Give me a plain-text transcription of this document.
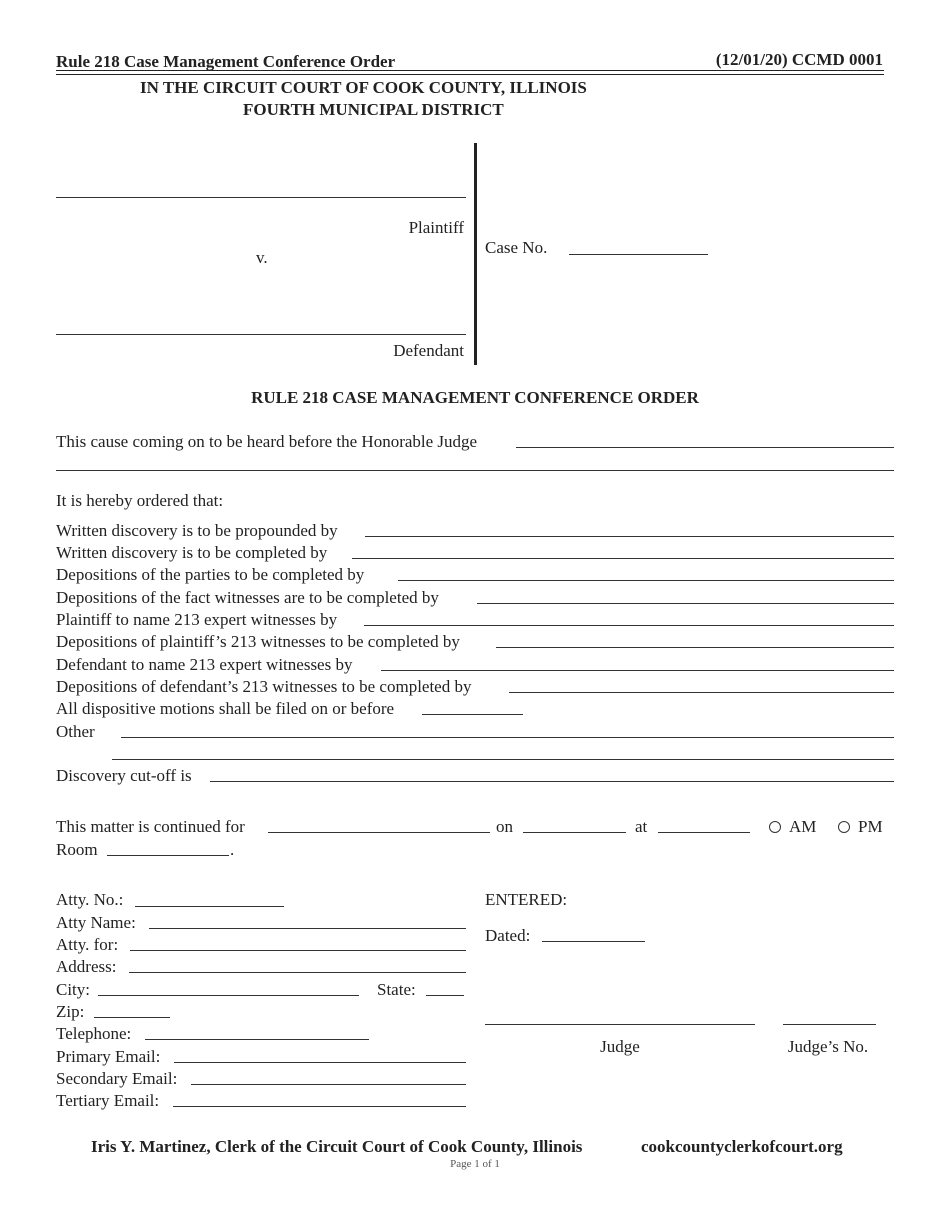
Rule 218 Case Management Conference Order	(12/01/20) CCMD 0001
IN THE CIRCUIT COURT OF COOK COUNTY, ILLINOIS
FOURTH MUNICIPAL DISTRICT
Plaintiff
v.
Defendant
Case No.
RULE 218 CASE MANAGEMENT CONFERENCE ORDER
This cause coming on to be heard before the Honorable Judge
It is hereby ordered that:
Written discovery is to be propounded by
Written discovery is to be completed by
Depositions of the parties to be completed by
Depositions of the fact witnesses are to be completed by
Plaintiff to name 213 expert witnesses by
Depositions of plaintiff’s 213 witnesses to be completed by
Defendant to name 213 expert witnesses by
Depositions of defendant’s 213 witnesses to be completed by
All dispositive motions shall be filed on or before
Other
Discovery cut-off is
This matter is continued for	on	at	AM	PM
Room	.
Atty. No.:
Atty Name:
Atty. for:
Address:
City:	State:
Zip:
Telephone:
Primary Email:
Secondary Email:
Tertiary Email:
ENTERED:
Dated:
Judge	Judge’s No.
Iris Y. Martinez, Clerk of the Circuit Court of Cook County, Illinois	cookcountyclerkofcourt.org
Page 1 of 1
